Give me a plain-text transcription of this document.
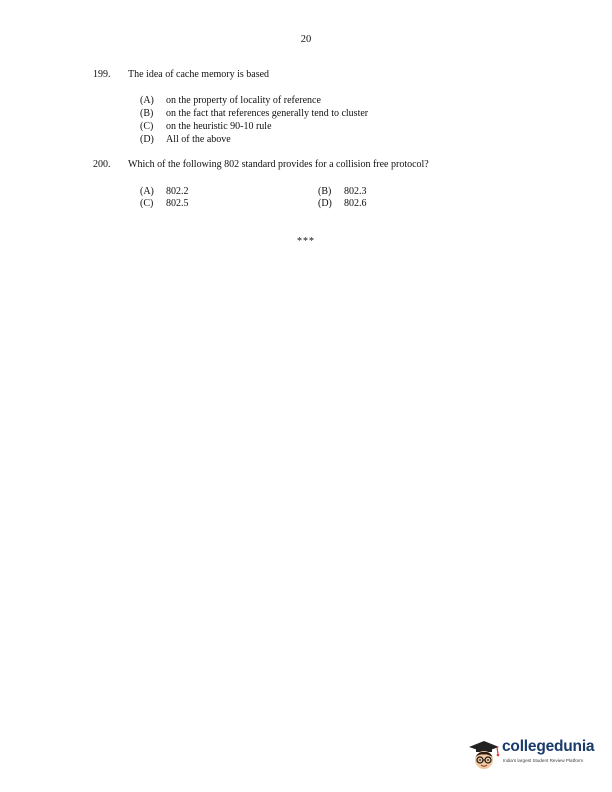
20
199. The idea of cache memory is based
(A) on the property of locality of reference
(B) on the fact that references generally tend to cluster
(C) on the heuristic 90-10 rule
(D) All of the above
200. Which of the following 802 standard provides for a collision free protocol?
(A) 802.2	(B) 802.3
(C) 802.5	(D) 802.6
***
collegedunia
India's largest Student Review Platform
